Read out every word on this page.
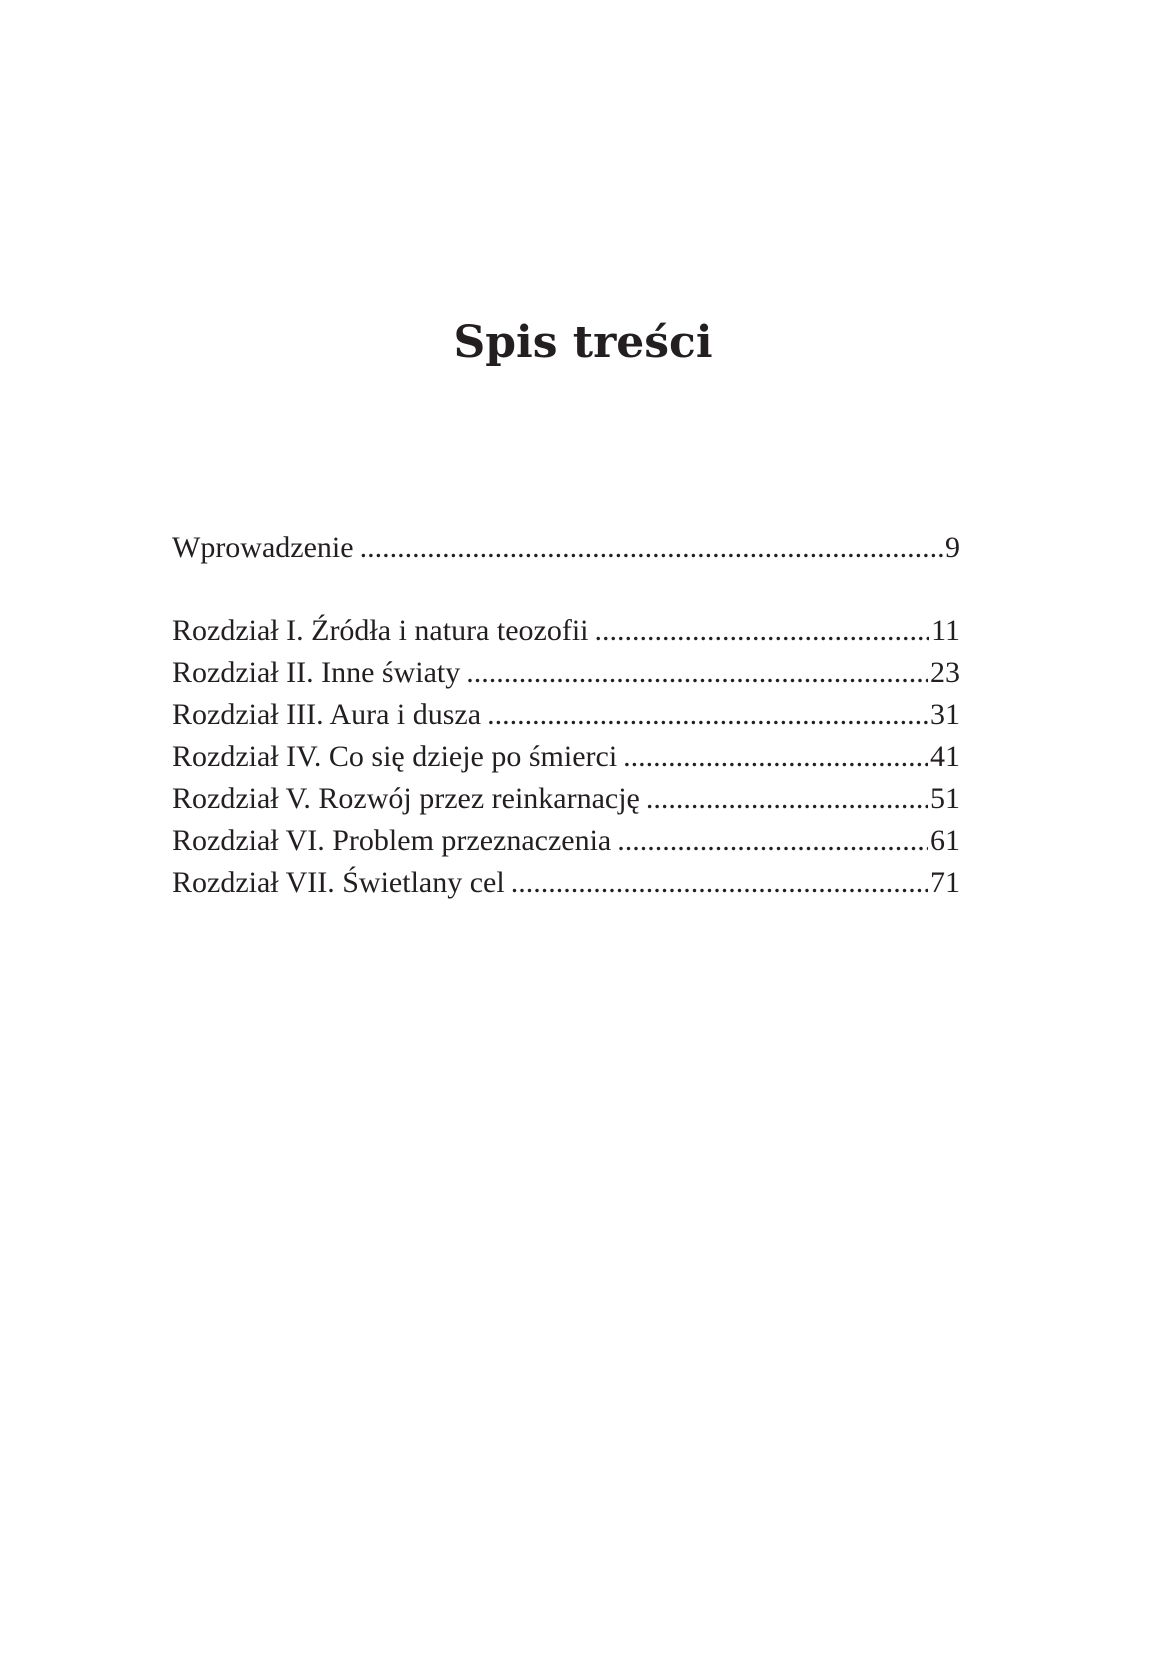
Spis treści
Wprowadzenie .....	9
Rozdział I. Źródła i natura teozofii .....	11
Rozdział II. Inne światy .....	23
Rozdział III. Aura i dusza .....	31
Rozdział IV. Co się dzieje po śmierci .....	41
Rozdział V. Rozwój przez reinkarnację .....	51
Rozdział VI. Problem przeznaczenia .....	61
Rozdział VII. Świetlany cel .....	71
